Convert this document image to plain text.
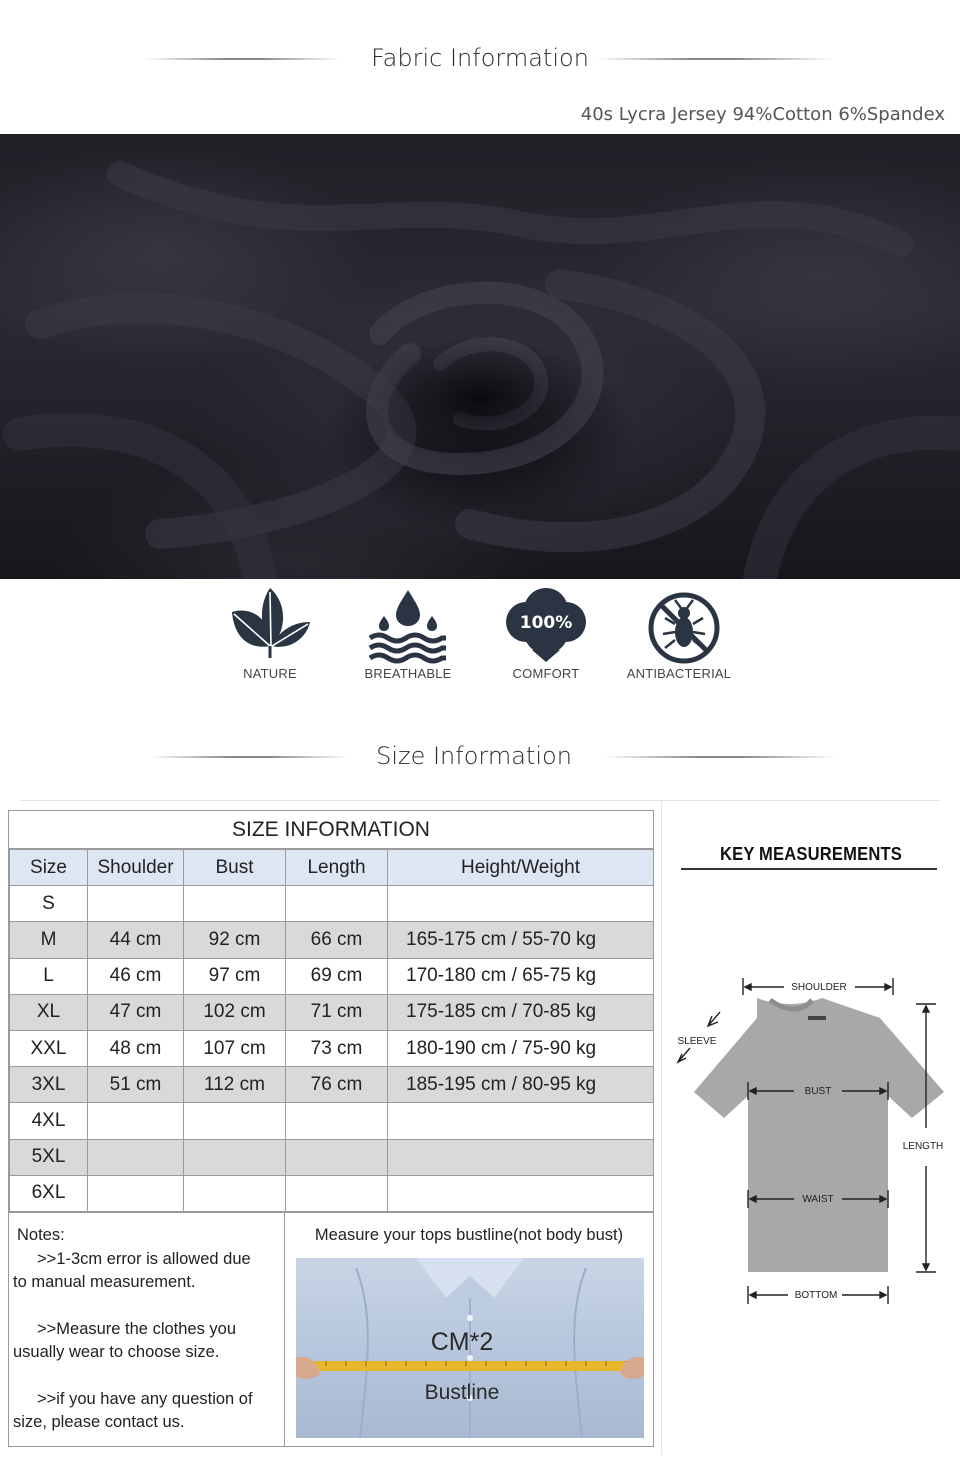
Fabric Information
40s Lycra Jersey 94%Cotton 6%Spandex
NATURE	BREATHABLE
100%
COMFORT	ANTIBACTERIAL
Size Information
SIZE INFORMATION
Size	Shoulder	Bust	Length	Height/Weight
S				
M	44 cm	92 cm	66 cm	165-175 cm / 55-70 kg
L	46 cm	97 cm	69 cm	170-180 cm / 65-75 kg
XL	47 cm	102 cm	71 cm	175-185 cm / 70-85 kg
XXL	48 cm	107 cm	73 cm	180-190 cm / 75-90 kg
3XL	51 cm	112 cm	76 cm	185-195 cm / 80-95 kg
4XL				
5XL				
6XL				

Notes:

>>1-3cm error is allowed due

to manual measurement.

>>Measure the clothes you

usually wear to choose size.

>>if you have any question of

size, please contact us.

Measure your tops bustline(not body bust)
CM*2
Bustline
KEY MEASUREMENTS
SHOULDER
SLEEVE
BUST
WAIST
BOTTOM
LENGTH
